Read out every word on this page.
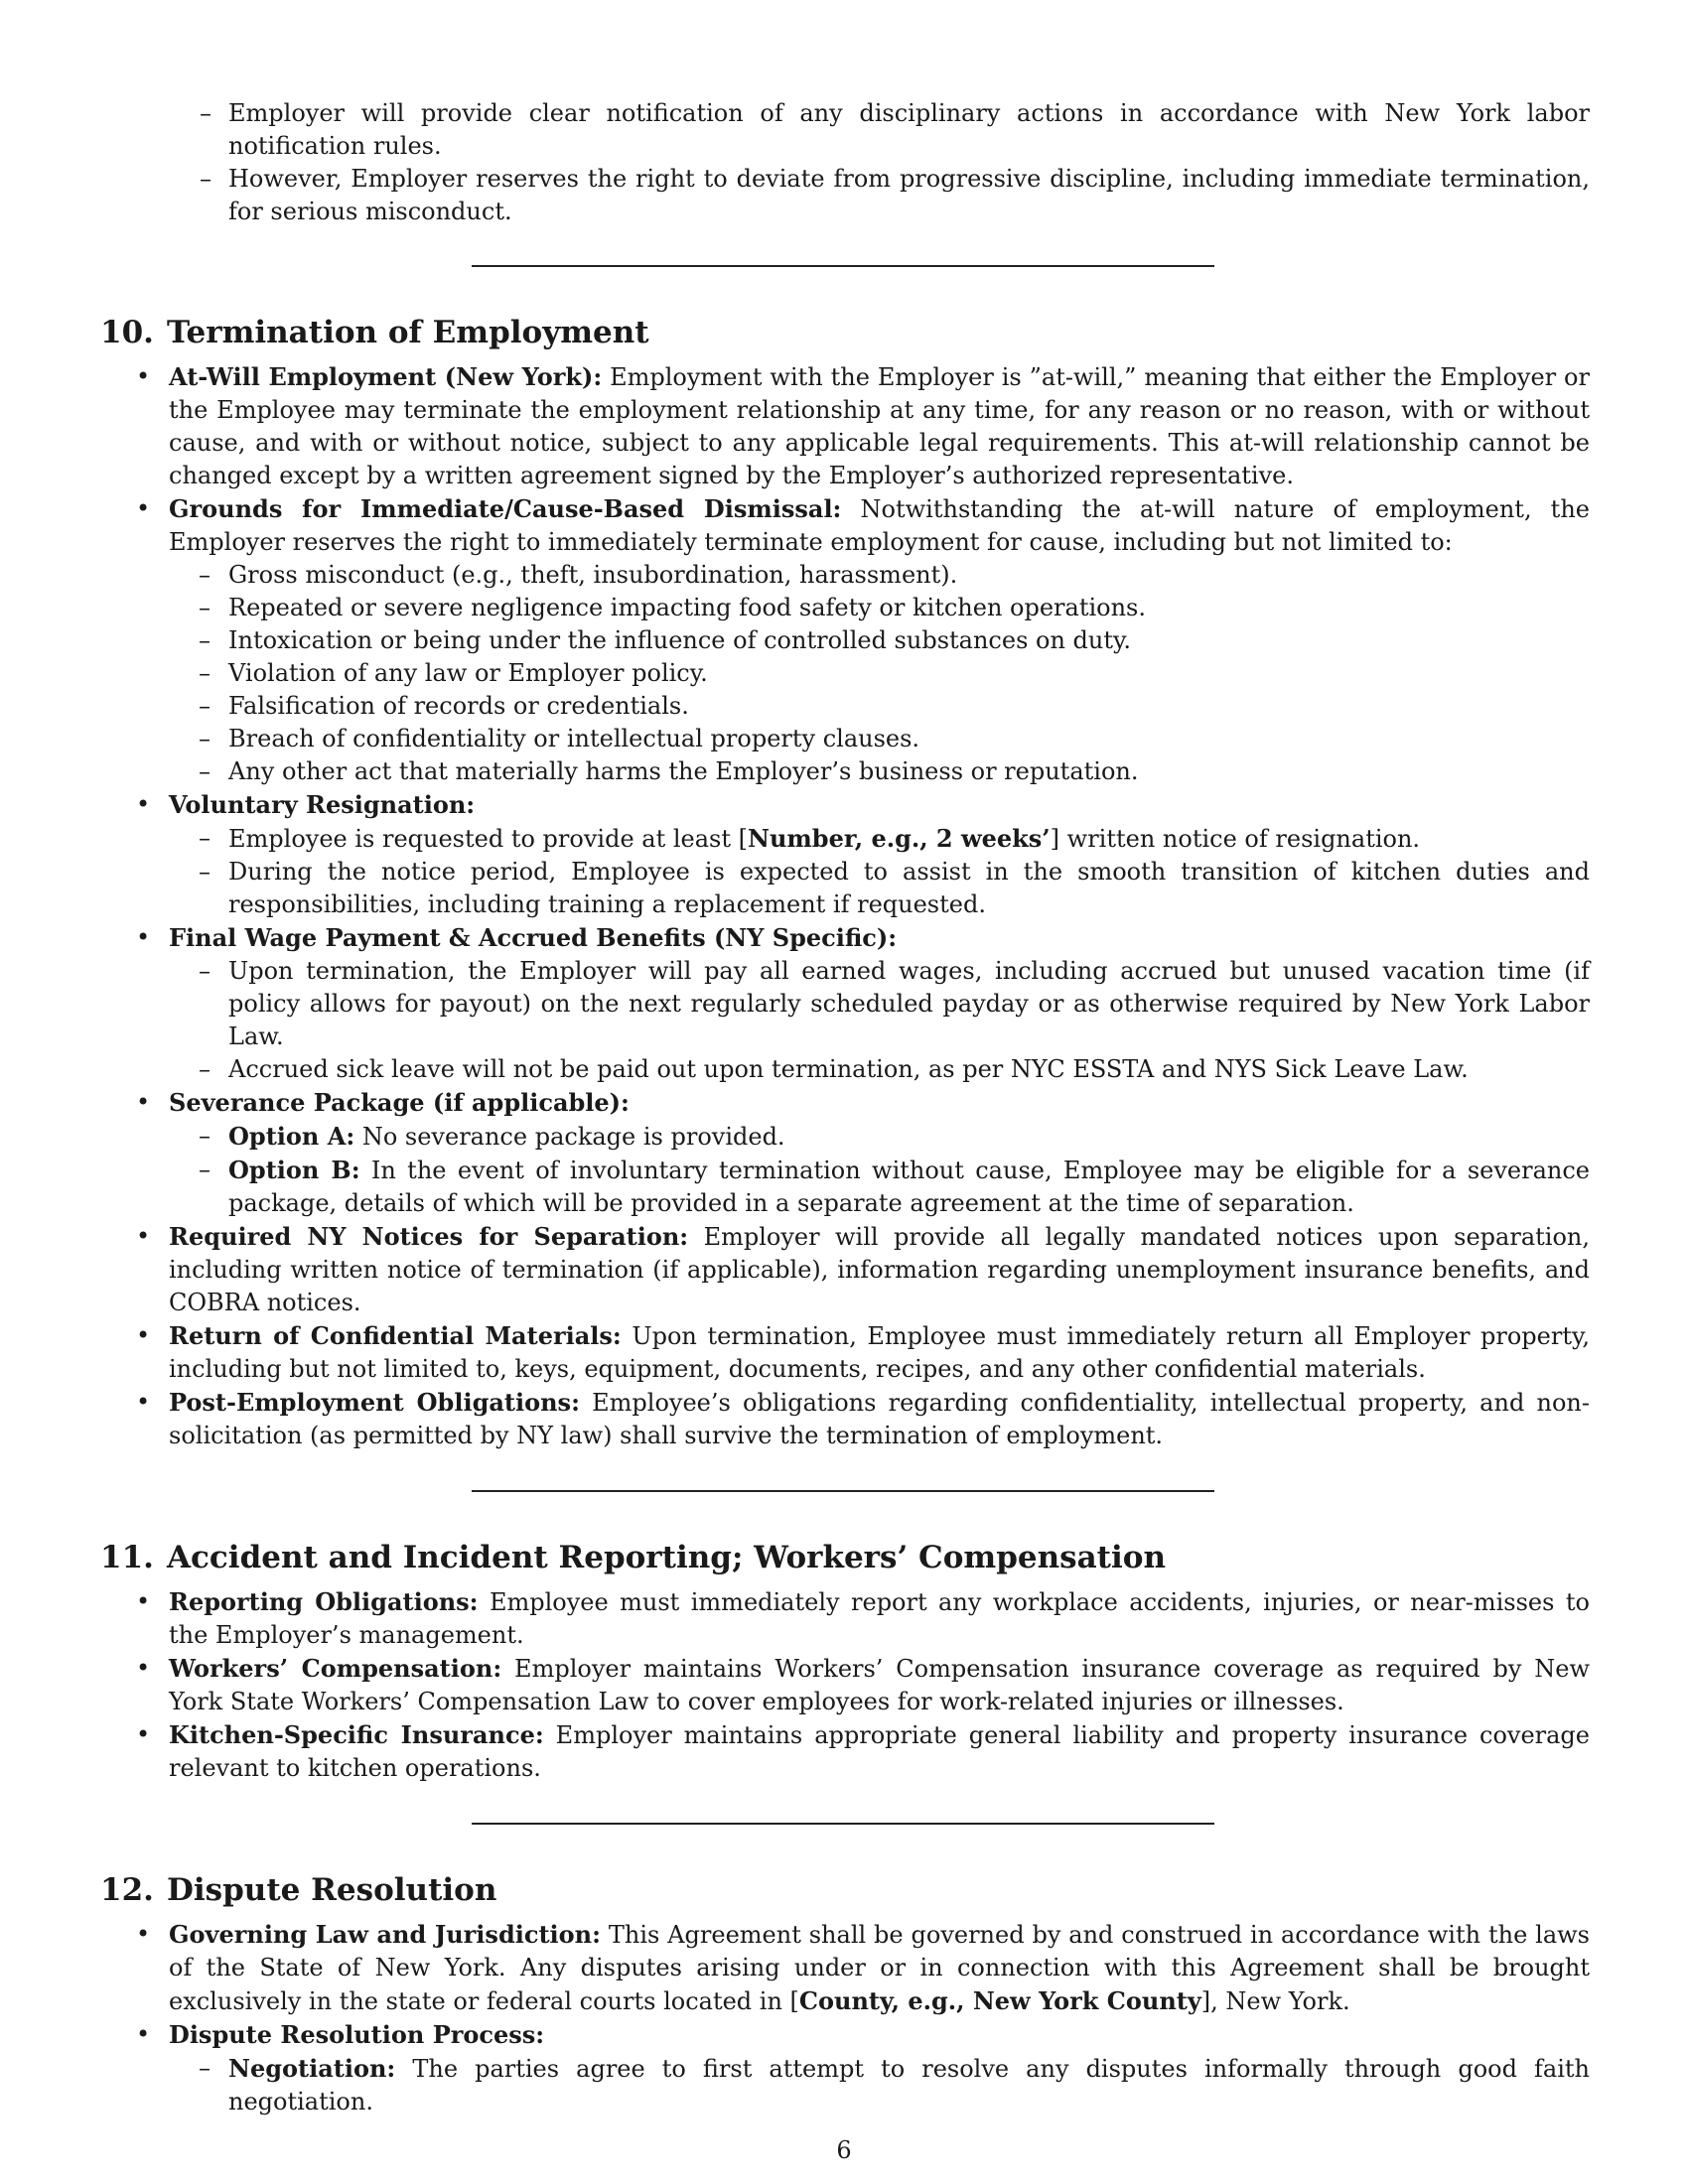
– Employer will provide clear notification of any disciplinary actions in accordance with New York labor notification rules.
– However, Employer reserves the right to deviate from progressive discipline, including immediate termination, for serious misconduct.
10. Termination of Employment
• At-Will Employment (New York): Employment with the Employer is ”at-will,” meaning that either the Employer or the Employee may terminate the employment relationship at any time, for any reason or no reason, with or without cause, and with or without notice, subject to any applicable legal requirements. This at-will relationship cannot be changed except by a written agreement signed by the Employer’s authorized representative.
• Grounds for Immediate/Cause-Based Dismissal: Notwithstanding the at-will nature of employment, the Employer reserves the right to immediately terminate employment for cause, including but not limited to:
– Gross misconduct (e.g., theft, insubordination, harassment).
– Repeated or severe negligence impacting food safety or kitchen operations.
– Intoxication or being under the influence of controlled substances on duty.
– Violation of any law or Employer policy.
– Falsification of records or credentials.
– Breach of confidentiality or intellectual property clauses.
– Any other act that materially harms the Employer’s business or reputation.
• Voluntary Resignation:
– Employee is requested to provide at least [Number, e.g., 2 weeks’] written notice of resignation.
– During the notice period, Employee is expected to assist in the smooth transition of kitchen duties and responsibilities, including training a replacement if requested.
• Final Wage Payment & Accrued Benefits (NY Specific):
– Upon termination, the Employer will pay all earned wages, including accrued but unused vacation time (if policy allows for payout) on the next regularly scheduled payday or as otherwise required by New York Labor Law.
– Accrued sick leave will not be paid out upon termination, as per NYC ESSTA and NYS Sick Leave Law.
• Severance Package (if applicable):
– Option A: No severance package is provided.
– Option B: In the event of involuntary termination without cause, Employee may be eligible for a severance package, details of which will be provided in a separate agreement at the time of separation.
• Required NY Notices for Separation: Employer will provide all legally mandated notices upon separation, including written notice of termination (if applicable), information regarding unemployment insurance benefits, and COBRA notices.
• Return of Confidential Materials: Upon termination, Employee must immediately return all Employer property, including but not limited to, keys, equipment, documents, recipes, and any other confidential materials.
• Post-Employment Obligations: Employee’s obligations regarding confidentiality, intellectual property, and non-solicitation (as permitted by NY law) shall survive the termination of employment.
11. Accident and Incident Reporting; Workers’ Compensation
• Reporting Obligations: Employee must immediately report any workplace accidents, injuries, or near-misses to the Employer’s management.
• Workers’ Compensation: Employer maintains Workers’ Compensation insurance coverage as required by New York State Workers’ Compensation Law to cover employees for work-related injuries or illnesses.
• Kitchen-Specific Insurance: Employer maintains appropriate general liability and property insurance coverage relevant to kitchen operations.
12. Dispute Resolution
• Governing Law and Jurisdiction: This Agreement shall be governed by and construed in accordance with the laws of the State of New York. Any disputes arising under or in connection with this Agreement shall be brought exclusively in the state or federal courts located in [County, e.g., New York County], New York.
• Dispute Resolution Process:
– Negotiation: The parties agree to first attempt to resolve any disputes informally through good faith negotiation.
6
